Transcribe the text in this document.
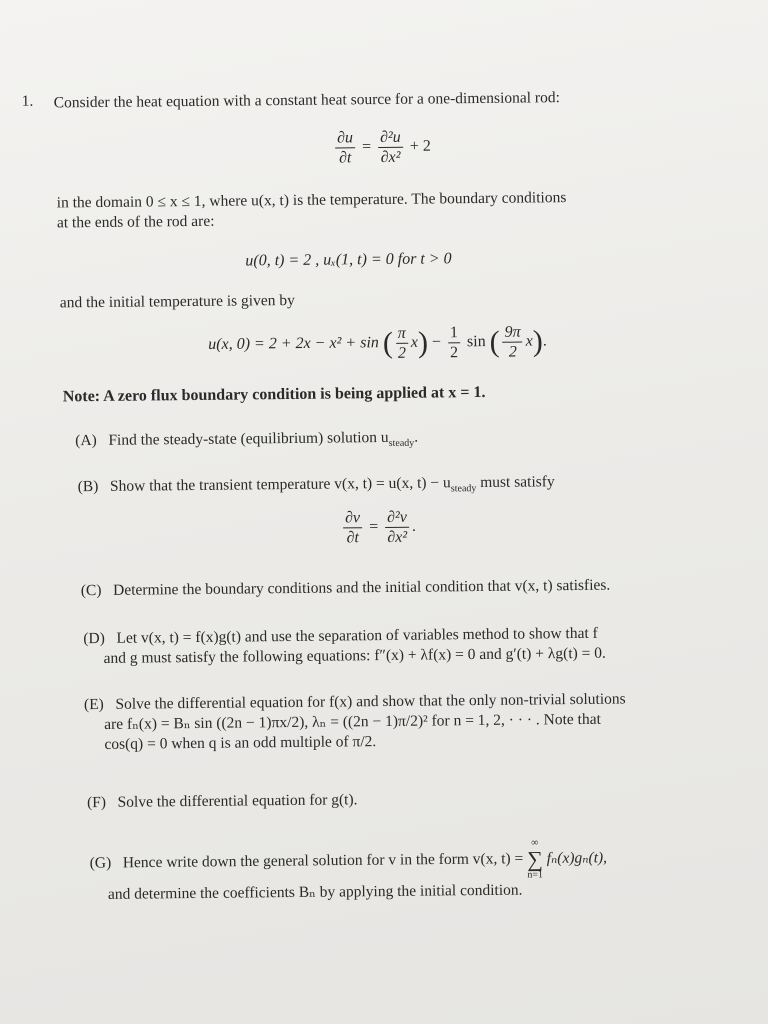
1. Consider the heat equation with a constant heat source for a one-dimensional rod:
$\frac{\partial u}{\partial t} = \frac{\text{∂²u}}{\text{∂x²}} + 2$
in the domain 0 ≤ x ≤ 1, where u(x, t) is the temperature. The boundary conditions
at the ends of the rod are:
u(0, t) = 2 , uₓ(1, t) = 0 for t > 0
and the initial temperature is given by
u(x, 0) = 2 + 2x − x² + sin ( $\frac{\pi}{2} x) - \frac{1}{2}$ sin ( $\frac{9\pi}{2} x$).
Note: A zero flux boundary condition is being applied at x = 1.
(A) Find the steady-state (equilibrium) solution $u_{steady}$.
(B) Show that the transient temperature v(x, t) = u(x, $t) - u_{steady}$ must satisfy
$\frac{\partial v}{\partial t} = \frac{\text{∂²v}}{\text{∂x²}}$ .
(C) Determine the boundary conditions and the initial condition that v(x, t) satisfies.
(D) Let v(x, t) = f(x)g(t) and use the separation of variables method to show that f
and g must satisfy the following equations: f″(x) + λf(x) = 0 and g′(t) + λg(t) = 0.
(E) Solve the differential equation for f(x) and show that the only non-trivial solutions
are fₙ(x) = Bₙ sin ((2n − 1)πx/2), λₙ = ((2n − 1)π/2)² for n = 1, 2, · · · . Note that
cos(q) = 0 when q is an odd multiple of π/2.
(F) Solve the differential equation for g(t).
(G) Hence write down the general solution for v in the form v(x, t) = ∞
∑
n=1 fₙ(x)gₙ(t),
and determine the coefficients Bₙ by applying the initial condition.
